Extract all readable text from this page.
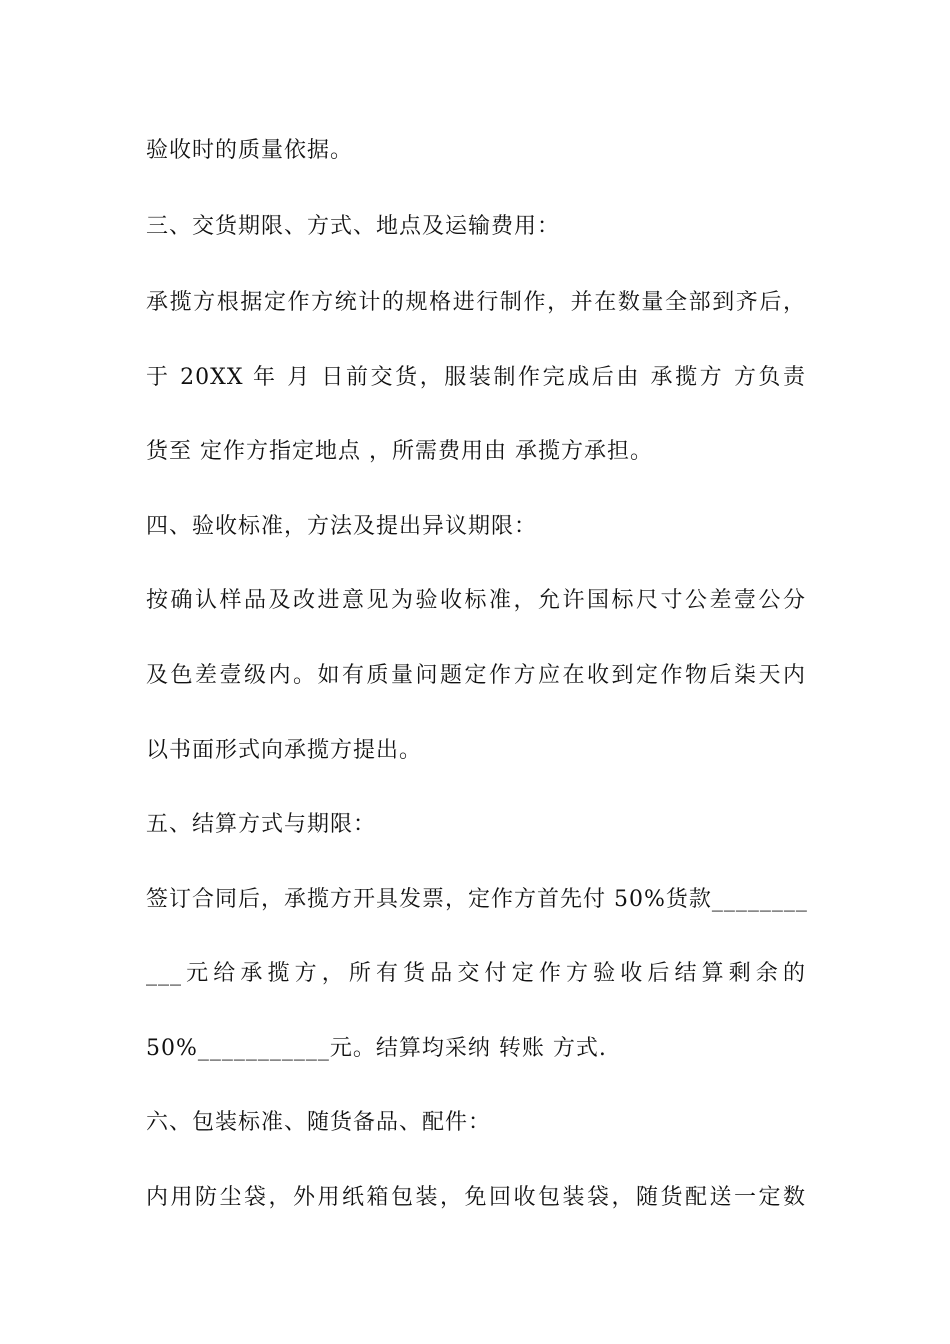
验收时的质量依据。
三、交货期限、方式、地点及运输费用：
承揽方根据定作方统计的规格进行制作，并在数量全部到齐后，
于 20XX 年 月 日前交货，服装制作完成后由 承揽方 方负责
货至 定作方指定地点 ，所需费用由 承揽方承担。
四、验收标准，方法及提出异议期限：
按确认样品及改进意见为验收标准，允许国标尺寸公差壹公分
及色差壹级内。如有质量问题定作方应在收到定作物后柒天内
以书面形式向承揽方提出。
五、结算方式与期限：
签订合同后，承揽方开具发票，定作方首先付 50%货款________
___元给承揽方，所有货品交付定作方验收后结算剩余的
50%___________元。结算均采纳 转账 方式.
六、包装标准、随货备品、配件：
内用防尘袋，外用纸箱包装，免回收包装袋，随货配送一定数
